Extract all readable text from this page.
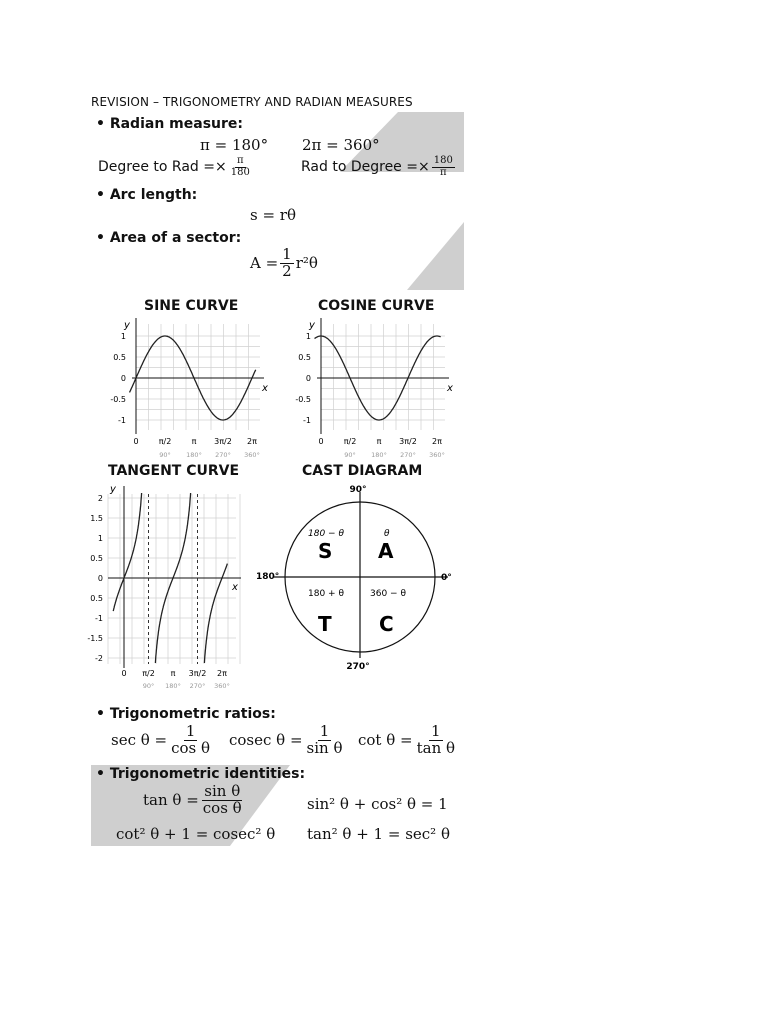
REVISION – TRIGONOMETRY AND RADIAN MEASURES
• Radian measure:
π = 180° 2π = 360°
Degree to Rad =× $\frac{\pi}{180}$	Rad to Degree =× $\frac{180}{\pi}$
• Arc length:
s = rθ
• Area of a sector:
$A = \frac{1}{2} r^2\theta$
SINE CURVE	COSINE CURVE
TANGENT CURVE	CAST DIAGRAM
y
x
1
0.5
0
-0.5
-1
0	π/2	π 3π/2 2π
90° 180° 270° 360°
y
x
1
0.5
0
-0.5
-1
0	π/2	π 3π/2 2π
90° 180° 270° 360°
y
x
2
1.5
1
0.5
0
0.5
-1
-1.5
-2
0 π/2 π 3π/2 2π
90° 180° 270° 360°
90°
270°
180°	0°
180 − θ	θ
180 + θ	360 − θ
S A
T C
• Trigonometric ratios:
$\sec \theta = \frac{1}{\text{cos θ}}$ cosec $\theta = \frac{1}{\text{sin θ}}$ $\cot \theta = \frac{1}{\text{tan θ}}$
• Trigonometric identities:
$\tan \theta = \frac{\text{sin θ}}{\text{cos θ}}$	sin² θ + cos² θ = 1
cot² θ + 1 = cosec² θ tan² θ + 1 = sec² θ
